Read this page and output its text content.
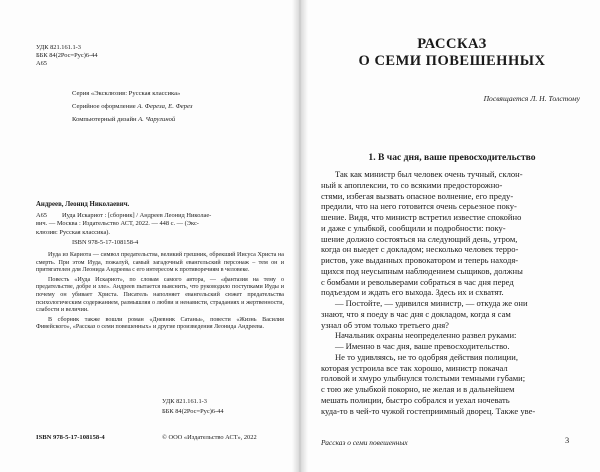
УДК 821.161.1-3
ББК 84(2Рос=Рус)6-44
А65
Серия «Эксклюзив: Русская классика»
Серийное оформление А. Фереза, Е. Ферез
Компьютерный дизайн А. Чаругиной
Андреев, Леонид Николаевич.
А65 Иуда Искариот : [сборник] / Андреев Леонид Николае-
вич. — Москва : Издательство АСТ, 2022. — 448 с. — (Экс-
клюзив: Русская классика).
ISBN 978-5-17-108158-4

Иуда из Кариота — символ предательства, великий грешник, обрекший Иисуса Христа на смерть. При этом Иуда, пожалуй, самый загадочный евангельский персонаж – тем он и притягателен для Леонида Андреева с его интересом к противоречиям в человеке.

Повесть «Иуда Искариот», по словам самого автора, — «фантазия на тему о предательстве, добре и зле». Андреев пытается выяснить, что руководило поступками Иуды и почему он убивает Христа. Писатель наполняет евангельский сюжет предательства психологическим содержанием, размышляя о любви и ненависти, страданиях и жертвенности, слабости и величии.

В сборник также вошли роман «Дневник Сатаны», повести «Жизнь Василия Фивейского», «Рассказ о семи повешенных» и другие произведения Леонида Андреева.

УДК 821.161.1-3
ББК 84(2Рос=Рус)6-44
ISBN 978-5-17-108158-4	© ООО «Издательство АСТ», 2022
РАССКАЗ
О СЕМИ ПОВЕШЕННЫХ
Посвящается Л. Н. Толстому
1. В час дня, ваше превосходительство

Так как министр был человек очень тучный, склон-
ный к апоплексии, то со всякими предосторожно-
стями, избегая вызвать опасное волнение, его преду-
предили, что на него готовится очень серьезное поку-
шение. Видя, что министр встретил известие спокойно
и даже с улыбкой, сообщили и подробности: поку-
шение должно состояться на следующий день, утром,
когда он выедет с докладом; несколько человек терро-
ристов, уже выданных провокатором и теперь находя-
щихся под неусыпным наблюдением сыщиков, должны
с бомбами и револьверами собраться в час дня перед
подъездом и ждать его выхода. Здесь их и схватят.

— Постойте, — удивился министр, — откуда же они
знают, что я поеду в час дня с докладом, когда я сам
узнал об этом только третьего дня?

Начальник охраны неопределенно развел руками:

— Именно в час дня, ваше превосходительство.

Не то удивляясь, не то одобряя действия полиции,
которая устроила все так хорошо, министр покачал
головой и хмуро улыбнулся толстыми темными губами;
с тою же улыбкой покорно, не желая и в дальнейшем
мешать полиции, быстро собрался и уехал ночевать
куда-то в чей-то чужой гостеприимный дворец. Также уве-

Рассказ о семи повешенных	3
